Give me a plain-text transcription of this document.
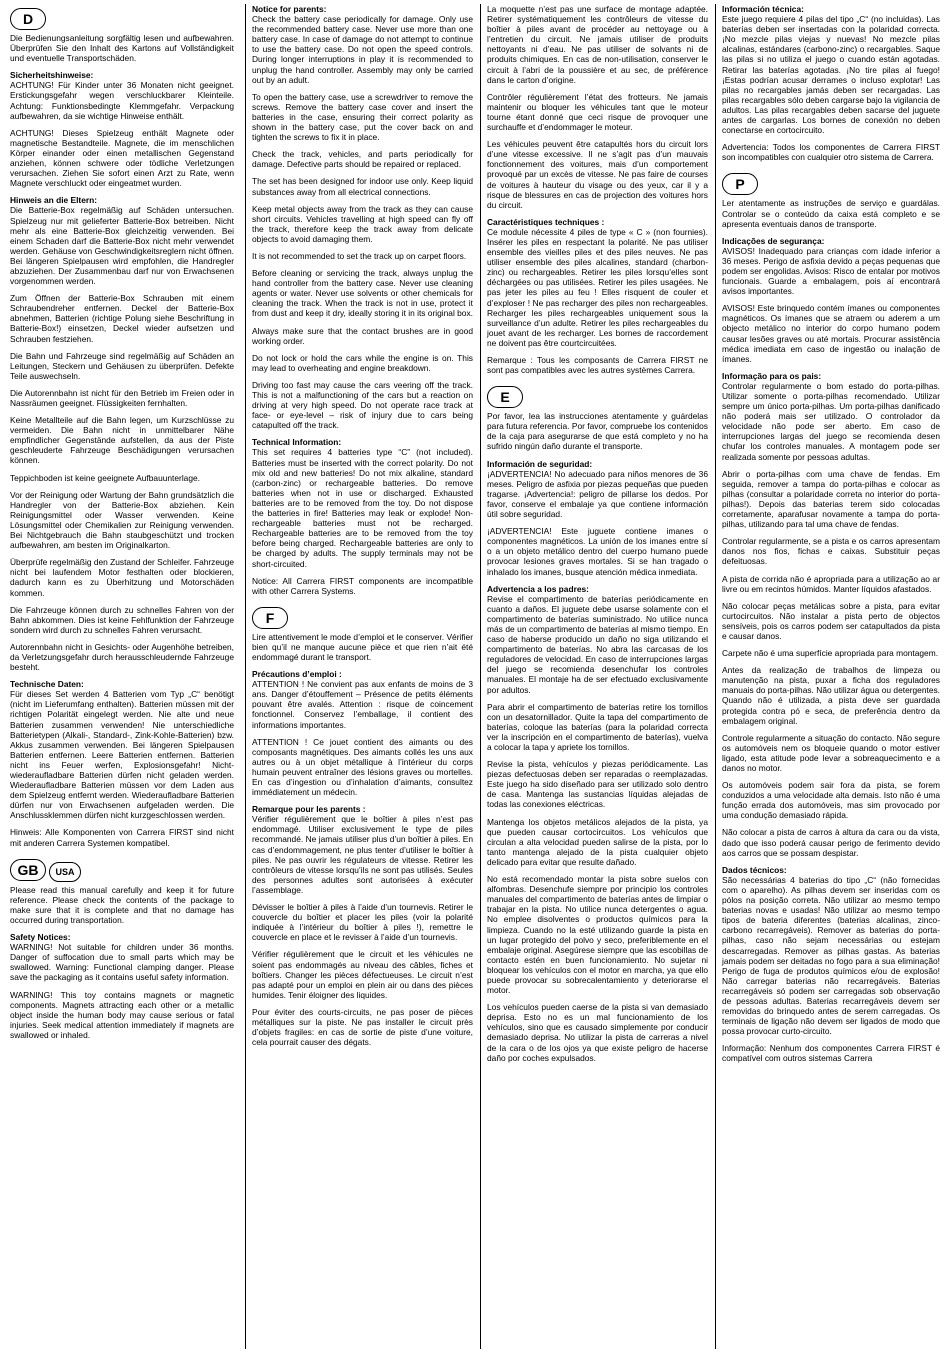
D

Die Bedienungsanleitung sorgfältig lesen und aufbewahren. Überprüfen Sie den Inhalt des Kartons auf Vollständigkeit und eventuelle Transportschäden.

Sicherheitshinweise:

ACHTUNG! Für Kinder unter 36 Monaten nicht geeignet. Erstickungsgefahr wegen verschluckbarer Kleinteile. Achtung: Funktionsbedingte Klemmgefahr. Verpackung aufbewahren, da sie wichtige Hinweise enthält.

ACHTUNG! Dieses Spielzeug enthält Magnete oder magnetische Bestandteile. Magnete, die im menschlichen Körper einander oder einen metallischen Gegenstand anziehen, können schwere oder tödliche Verletzungen verursachen. Ziehen Sie sofort einen Arzt zu Rate, wenn Magnete verschluckt oder eingeatmet wurden.

Hinweis an die Eltern:

Die Batterie-Box regelmäßig auf Schäden untersuchen. Spielzeug nur mit gelieferter Batterie-Box betreiben. Nicht mehr als eine Batterie-Box gleichzeitig verwenden. Bei einem Schaden darf die Batterie-Box nicht mehr verwendet werden. Gehäuse von Geschwindigkeitsreglern nicht öffnen. Bei längeren Spielpausen wird empfohlen, die Handregler abzuziehen. Der Zusammenbau darf nur von Erwachsenen vorgenommen werden.

Zum Öffnen der Batterie-Box Schrauben mit einem Schraubendreher entfernen. Deckel der Batterie-Box abnehmen, Batterien (richtige Polung siehe Beschriftung in Batterie-Box!) einsetzen, Deckel wieder aufsetzen und Schrauben festziehen.

Die Bahn und Fahrzeuge sind regelmäßig auf Schäden an Leitungen, Steckern und Gehäusen zu überprüfen. Defekte Teile auswechseln.

Die Autorennbahn ist nicht für den Betrieb im Freien oder in Nassräumen geeignet. Flüssigkeiten fernhalten.

Keine Metallteile auf die Bahn legen, um Kurzschlüsse zu vermeiden. Die Bahn nicht in unmittelbarer Nähe empfindlicher Gegenstände aufstellen, da aus der Piste geschleuderte Fahrzeuge Beschädigungen verursachen können.

Teppichboden ist keine geeignete Aufbauunterlage.

Vor der Reinigung oder Wartung der Bahn grundsätzlich die Handregler von der Batterie-Box abziehen. Kein Reinigungsmittel oder Wasser verwenden. Keine Lösungsmittel oder Chemikalien zur Reinigung verwenden. Bei Nichtgebrauch die Bahn staubgeschützt und trocken aufbewahren, am besten im Originalkarton.

Überprüfe regelmäßig den Zustand der Schleifer. Fahrzeuge nicht bei laufendem Motor festhalten oder blockieren, dadurch kann es zu Überhitzung und Motorschäden kommen.

Die Fahrzeuge können durch zu schnelles Fahren von der Bahn abkommen. Dies ist keine Fehlfunktion der Fahrzeuge sondern wird durch zu schnelles Fahren verursacht.

Autorennbahn nicht in Gesichts- oder Augenhöhe betreiben, da Verletzungsgefahr durch herausschleudernde Fahrzeuge besteht.

Technische Daten:

Für dieses Set werden 4 Batterien vom Typ „C“ benötigt (nicht im Lieferumfang enthalten). Batterien müssen mit der richtigen Polarität eingelegt werden. Nie alte und neue Batterien zusammen verwenden! Nie unterschiedliche Batterietypen (Alkali-, Standard-, Zink-Kohle-Batterien) bzw. Akkus zusammen verwenden. Bei längeren Spielpausen Batterien entfernen. Leere Batterien entfernen. Batterien nicht ins Feuer werfen, Explosionsgefahr! Nicht-wiederaufladbare Batterien dürfen nicht geladen werden. Wiederaufladbare Batterien müssen vor dem Laden aus dem Spielzeug entfernt werden. Wiederaufladbare Batterien dürfen nur von Erwachsenen aufgeladen werden. Die Anschlussklemmen dürfen nicht kurzgeschlossen werden.

Hinweis: Alle Komponenten von Carrera FIRST sind nicht mit anderen Carrera Systemen kompatibel.

GB USA

Please read this manual carefully and keep it for future reference. Please check the contents of the package to make sure that it is complete and that no damage has occurred during transportation.

Safety Notices:

WARNING! Not suitable for children under 36 months. Danger of suffocation due to small parts which may be swallowed. Warning: Functional clamping danger. Please save the packaging as it contains useful safety information.

WARNING! This toy contains magnets or magnetic components. Magnets attracting each other or a metallic object inside the human body may cause serious or fatal injuries. Seek medical attention immediately if magnets are swallowed or inhaled.

Notice for parents:

Check the battery case periodically for damage. Only use the recommended battery case. Never use more than one battery case. In case of damage do not attempt to continue to use the battery case. Do not open the speed controls. During longer interruptions in play it is recommended to unplug the hand controller. Assembly may only be carried out by an adult.

To open the battery case, use a screwdriver to remove the screws. Remove the battery case cover and insert the batteries in the case, ensuring their correct polarity as shown in the battery case, put the cover back on and tighten the screws to fix it in place.

Check the track, vehicles, and parts periodically for damage. Defective parts should be repaired or replaced.

The set has been designed for indoor use only. Keep liquid substances away from all electrical connections.

Keep metal objects away from the track as they can cause short circuits. Vehicles travelling at high speed can fly off the track, therefore keep the track away from delicate objects to avoid damaging them.

It is not recommended to set the track up on carpet floors.

Before cleaning or servicing the track, always unplug the hand controller from the battery case. Never use cleaning agents or water. Never use solvents or other chemicals for cleaning the track. When the track is not in use, protect it from dust and keep it dry, ideally storing it in its original box.

Always make sure that the contact brushes are in good working order.

Do not lock or hold the cars while the engine is on. This may lead to overheating and engine breakdown.

Driving too fast may cause the cars veering off the track. This is not a malfunctioning of the cars but a reaction on driving at very high speed. Do not operate race track at face- or eye-level – risk of injury due to cars being catapulted off the track.

Technical Information:

This set requires 4 batteries type “C” (not included). Batteries must be inserted with the correct polarity. Do not mix old and new batteries! Do not mix alkaline, standard (carbon-zinc) or rechargeable batteries. Do remove batteries when not in use or discharged. Exhausted batteries are to be removed from the toy. Do not dispose the batteries in fire! Batteries may leak or explode! Non-rechargeable batteries must not be recharged. Rechargeable batteries are to be removed from the toy before being charged. Rechargeable batteries are only to be charged by adults. The supply terminals may not be short-circuited.

Notice: All Carrera FIRST components are incompatible with other Carrera Systems.

F

Lire attentivement le mode d’emploi et le conserver. Vérifier bien qu’il ne manque aucune pièce et que rien n’ait été endommagé durant le transport.

Précautions d’emploi :

ATTENTION ! Ne convient pas aux enfants de moins de 3 ans. Danger d’étouffement – Présence de petits éléments pouvant être avalés. Attention : risque de coincement fonctionnel. Conservez l’emballage, il contient des informations importantes.

ATTENTION ! Ce jouet contient des aimants ou des composants magnétiques. Des aimants collés les uns aux autres ou à un objet métallique à l’intérieur du corps humain peuvent entraîner des lésions graves ou mortelles. En cas d’ingestion ou d’inhalation d’aimants, consultez immédiatement un médecin.

Remarque pour les parents :

Vérifier régulièrement que le boîtier à piles n’est pas endommagé. Utiliser exclusivement le type de piles recommandé. Ne jamais utiliser plus d’un boîtier à piles. En cas d’endommagement, ne plus tenter d’utiliser le boîtier à piles. Ne pas ouvrir les régulateurs de vitesse. Retirer les contrôleurs de vitesse lorsqu’ils ne sont pas utilisés. Seules des personnes adultes sont autorisées à exécuter l’assemblage.

Dévisser le boîtier à piles à l’aide d’un tournevis. Retirer le couvercle du boîtier et placer les piles (voir la polarité indiquée à l’intérieur du boîtier à piles !), remettre le couvercle en place et le revisser à l’aide d’un tournevis.

Vérifier régulièrement que le circuit et les véhicules ne soient pas endommagés au niveau des câbles, fiches et boîtiers. Changer les pièces défectueuses. Le circuit n’est pas adapté pour un emploi en plein air ou dans des pièces humides. Tenir éloigner des liquides.

Pour éviter des courts-circuits, ne pas poser de pièces métalliques sur la piste. Ne pas installer le circuit près d’objets fragiles: en cas de sortie de piste d’une voiture, cela pourrait causer des dégats.

La moquette n’est pas une surface de montage adaptée. Retirer systématiquement les contrôleurs de vitesse du boîtier à piles avant de procéder au nettoyage ou à l’entretien du circuit. Ne jamais utiliser de produits nettoyants ni d’eau. Ne pas utiliser de solvants ni de produits chimiques. En cas de non-utilisation, conserver le circuit à l’abri de la poussière et au sec, de préférence dans le carton d’origine.

Contrôler régulièrement l’état des frotteurs. Ne jamais maintenir ou bloquer les véhicules tant que le moteur tourne étant donné que ceci risque de provoquer une surchauffe et d’endommager le moteur.

Les véhicules peuvent être catapultés hors du circuit lors d’une vitesse excessive. Il ne s’agit pas d’un mauvais fonctionnement des voitures, mais d’un comportement provoqué par un excès de vitesse. Ne pas faire de courses de voitures à hauteur du visage ou des yeux, car il y a risque de blessures en cas de projection des voitures hors du circuit.

Caractéristiques techniques :

Ce module nécessite 4 piles de type « C » (non fournies). Insérer les piles en respectant la polarité. Ne pas utiliser ensemble des vieilles piles et des piles neuves. Ne pas utiliser ensemble des piles alcalines, standard (charbon-zinc) ou rechargeables. Retirer les piles lorsqu’elles sont déchargées ou pas utilisées. Retirer les piles usagées. Ne pas jeter les piles au feu ! Elles risquent de couler et d’exploser ! Ne pas recharger des piles non rechargeables. Recharger les piles rechargeables uniquement sous la surveillance d’un adulte. Retirer les piles rechargeables du jouet avant de les recharger. Les bornes de raccordement ne doivent pas être courtcircuitées.

Remarque : Tous les composants de Carrera FIRST ne sont pas compatibles avec les autres systèmes Carrera.

E

Por favor, lea las instrucciones atentamente y guárdelas para futura referencia. Por favor, compruebe los contenidos de la caja para asegurarse de que está completo y no ha sufrido ningún daño durante el transporte.

Información de seguridad:

¡ADVERTENCIA! No adecuado para niños menores de 36 meses. Peligro de asfixia por piezas pequeñas que pueden tragarse. ¡Advertencia!: peligro de pillarse los dedos. Por favor, conserve el embalaje ya que contiene información útil sobre seguridad.

¡ADVERTENCIA! Este juguete contiene imanes o componentes magnéticos. La unión de los imanes entre sí o a un objeto metálico dentro del cuerpo humano puede provocar lesiones graves mortales. Si se han tragado o inhalado los imanes, busque atención médica inmediata.

Advertencia a los padres:

Revise el compartimento de baterías periódicamente en cuanto a daños. El juguete debe usarse solamente con el compartimento de baterías suministrado. No utilice nunca más de un compartimento de baterías al mismo tiempo. En caso de haberse producido un daño no siga utilizando el compartimento de baterías. No abra las carcasas de los reguladores de velocidad. En caso de interrupciones largas del juego se recomienda desenchufar los controles manuales. El montaje ha de ser efectuado exclusivamente por adultos.

Para abrir el compartimento de baterías retire los tornillos con un desatornillador. Quite la tapa del compartimento de baterías, coloque las baterías (para la polaridad correcta ver la inscripción en el compartimento de baterías), vuelva a colocar la tapa y apriete los tornillos.

Revise la pista, vehículos y piezas periódicamente. Las piezas defectuosas deben ser reparadas o reemplazadas. Este juego ha sido diseñado para ser utilizado solo dentro de casa. Mantenga las sustancias líquidas alejadas de todas las conexiones eléctricas.

Mantenga los objetos metálicos alejados de la pista, ya que pueden causar cortocircuitos. Los vehículos que circulan a alta velocidad pueden salirse de la pista, por lo tanto mantenga alejado de la pista cualquier objeto delicado para evitar que resulte dañado.

No está recomendado montar la pista sobre suelos con alfombras. Desenchufe siempre por principio los controles manuales del compartimento de baterías antes de limpiar o trabajar en la pista. No utilice nunca detergentes o agua. No emplee disolventes o productos químicos para la limpieza. Cuando no la esté utilizando guarde la pista en un lugar protegido del polvo y seco, preferiblemente en el embalaje original. Asegúrese siempre que las escobillas de contacto estén en buen funcionamiento. No sujetar ni bloquear los vehículos con el motor en marcha, ya que ello puede provocar su sobrecalentamiento y deteriorarse el motor.

Los vehículos pueden caerse de la pista si van demasiado deprisa. Esto no es un mal funcionamiento de los vehículos, sino que es causado simplemente por conducir demasiado deprisa. No utilizar la pista de carreras a nivel de la cara o de los ojos ya que existe peligro de hacerse daño por coches expulsados.

Información técnica:

Este juego requiere 4 pilas del tipo „C“ (no incluidas). Las baterías deben ser insertadas con la polaridad correcta. ¡No mezcle pilas viejas y nuevas! No mezcle pilas alcalinas, estándares (carbono-zinc) o recargables. Saque las pilas si no utiliza el juego o cuando están agotadas. Retirar las baterías agotadas. ¡No tire pilas al fuego! ¡Estas podrían acusar derrames o incluso explotar! Las pilas no recargables jamás deben ser recargadas. Las pilas recargables sólo deben cargarse bajo la vigilancia de adultos. Las pilas recargables deben sacarse del juguete antes de cargarlas. Los bornes de conexión no deben conectarse en cortocircuito.

Advertencia: Todos los componentes de Carrera FIRST son incompatibles con cualquier otro sistema de Carrera.

P

Ler atentamente as instruções de serviço e guardálas. Controlar se o conteúdo da caixa está completo e se apresenta eventuais danos de transporte.

Indicações de segurança:

AVISOS! Inadequado para crianças com idade inferior a 36 meses. Perigo de asfixia devido a peças pequenas que podem ser engolidas. Avisos: Risco de entalar por motivos funcionais. Guarde a embalagem, pois aí encontrará avisos importantes.

AVISOS! Este brinquedo contém ímanes ou componentes magnéticos. Os ímanes que se atraem ou aderem a um objecto metálico no interior do corpo humano podem causar lesões graves ou até mortais. Procurar assistência médica imediata em caso de ingestão ou inalação de ímanes.

Informação para os pais:

Controlar regularmente o bom estado do porta-pilhas. Utilizar somente o porta-pilhas recomendado. Utilizar sempre um único porta-pilhas. Um porta-pilhas danificado não poderá mais ser utilizado. O controlador da velocidade não pode ser aberto. Em caso de interrupciones largas del juego se recomienda desen chufar los controles manuales. A montagem pode ser realizada somente por pessoas adultas.

Abrir o porta-pilhas com uma chave de fendas. Em seguida, remover a tampa do porta-pilhas e colocar as pilhas (consultar a polaridade correta no interior do porta-pilhas!). Depois das baterias terem sido colocadas corretamente, aparafusar novamente a tampa do porta-pilhas, utilizando para tal uma chave de fendas.

Controlar regularmente, se a pista e os carros apresentam danos nos fios, fichas e caixas. Substituir peças defeituosas.

A pista de corrida não é apropriada para a utilização ao ar livre ou em recintos húmidos. Manter líquidos afastados.

Não colocar peças metálicas sobre a pista, para evitar curtocircuitos. Não instalar a pista perto de objectos sensíveis, pois os carros podem ser catapultados da pista e causar danos.

Carpete não é uma superfície apropriada para montagem.

Antes da realização de trabalhos de limpeza ou manutenção na pista, puxar a ficha dos reguladores manuais do porta-pilhas. Não utilizar água ou detergentes. Quando não é utilizada, a pista deve ser guardada protegida contra pó e seca, de preferência dentro da embalagem original.

Controle regularmente a situação do contacto. Não segure os automóveis nem os bloqueie quando o motor estiver ligado, esta atitude pode levar a sobreaquecimento e a danos no motor.

Os automóveis podem sair fora da pista, se forem conduzidos a uma velocidade alta demais. Isto não é uma função errada dos automóveis, mas sim provocado por uma condução demasiado rápida.

Não colocar a pista de carros à altura da cara ou da vista, dado que isso poderá causar perigo de ferimento devido aos carros que se possam despistar.

Dados técnicos:

São necessárias 4 baterias do tipo „C“ (não fornecidas com o aparelho). As pilhas devem ser inseridas com os pólos na posição correta. Não utilizar ao mesmo tempo baterias novas e usadas! Não utilizar ao mesmo tempo tipos de bateria diferentes (baterias alcalinas, zinco-carbono recarregáveis). Remover as baterias do porta-pilhas, caso não sejam necessárias ou estejam descarregadas. Remover as pilhas gastas. As baterias jamais podem ser deitadas no fogo para a sua eliminação! Perigo de fuga de produtos químicos e/ou de explosão! Não carregar baterias não recarregáveis. Baterias recarregáveis só podem ser carregadas sob observação de pessoas adultas. Baterias recarregáveis devem ser removidas do brinquedo antes de serem carregadas. Os terminais de ligação não devem ser ligados de modo que possa provocar curto-circuito.

Informação: Nenhum dos componentes Carrera FIRST é compatível com outros sistemas Carrera
